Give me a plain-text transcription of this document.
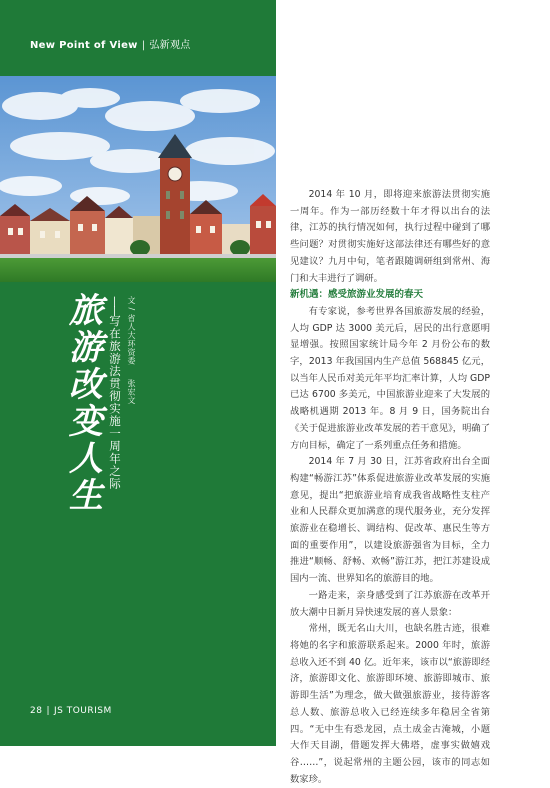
New Point of View | 弘新观点
旅
游
改
变
人
生
——写在旅游法贯彻实施一周年之际 文 / 省人大环资委张宏文
28 | JS TOURISM

2014 年 10 月，即将迎来旅游法贯彻实施一周年。作为一部历经数十年才得以出台的法律，江苏的执行情况如何，执行过程中碰到了哪些问题？对贯彻实施好这部法律还有哪些好的意见建议？九月中旬，笔者跟随调研组到常州、海门和大丰进行了调研。

新机遇：感受旅游业发展的春天

有专家说，参考世界各国旅游发展的经验，人均 GDP 达 3000 美元后，居民的出行意愿明显增强。按照国家统计局今年 2 月份公布的数字，2013 年我国国内生产总值 568845 亿元，以当年人民币对美元年平均汇率计算，人均 GDP 已达 6700 多美元，中国旅游业迎来了大发展的战略机遇期 2013 年。8 月 9 日，国务院出台《关于促进旅游业改革发展的若干意见》，明确了方向目标，确定了一系列重点任务和措施。

2014 年 7 月 30 日，江苏省政府出台全面构建“畅游江苏”体系促进旅游业改革发展的实施意见，提出“把旅游业培育成我省战略性支柱产业和人民群众更加满意的现代服务业，充分发挥旅游业在稳增长、调结构、促改革、惠民生等方面的重要作用”，以建设旅游强省为目标，全力推进“顺畅、舒畅、欢畅”游江苏，把江苏建设成国内一流、世界知名的旅游目的地。

一路走来，亲身感受到了江苏旅游在改革开放大潮中日新月异快速发展的喜人景象：

常州，既无名山大川，也缺名胜古迹，很难将她的名字和旅游联系起来。2000 年时，旅游总收入还不到 40 亿。近年来，该市以“旅游即经济，旅游即文化、旅游即环境、旅游即城市、旅游即生活”为理念，做大做强旅游业，接待游客总人数、旅游总收入已经连续多年稳居全省第四。“无中生有恐龙园，点土成金古淹城，小题大作天目湖，借题发挥大佛塔，虚事实做嬉戏谷……”，说起常州的主题公园，该市的同志如数家珍。
